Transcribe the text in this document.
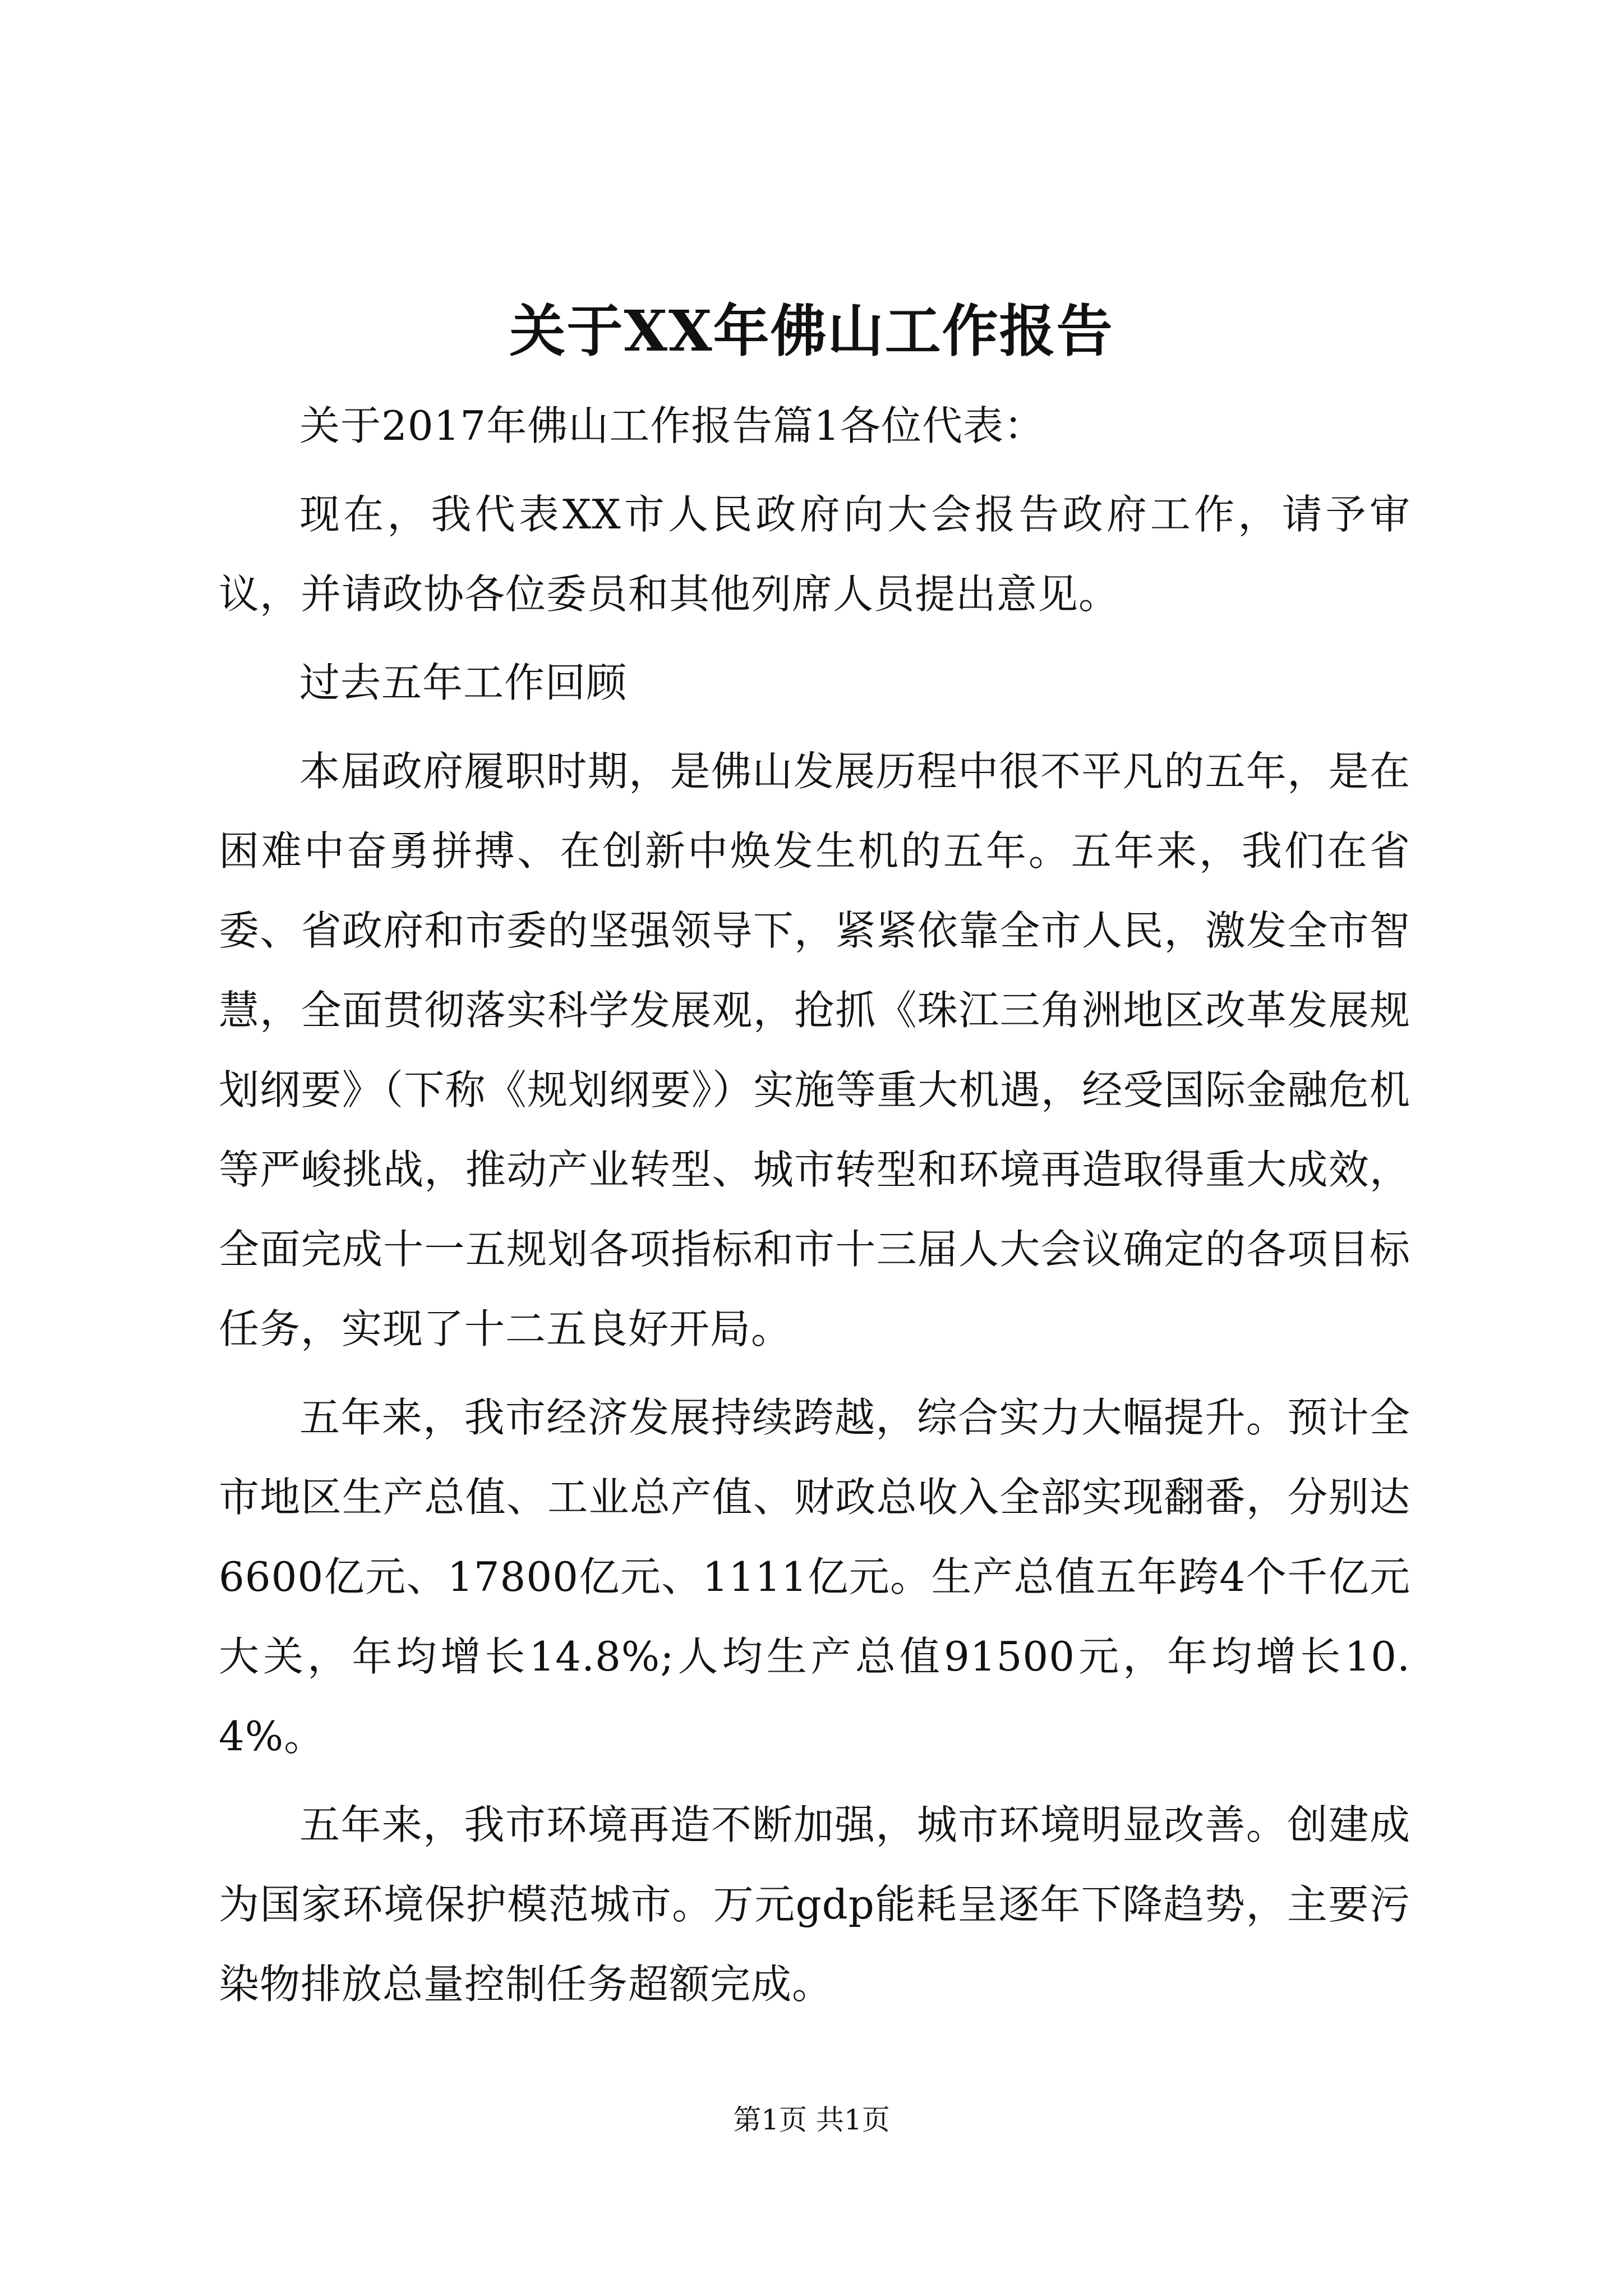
关于XX年佛山工作报告

关于2017年佛山工作报告篇1各位代表：

现在，我代表XX市人民政府向大会报告政府工作，请予审议，并请政协各位委员和其他列席人员提出意见。

过去五年工作回顾

本届政府履职时期，是佛山发展历程中很不平凡的五年，是在困难中奋勇拼搏、在创新中焕发生机的五年。五年来，我们在省委、省政府和市委的坚强领导下，紧紧依靠全市人民，激发全市智慧，全面贯彻落实科学发展观，抢抓《珠江三角洲地区改革发展规划纲要》（下称《规划纲要》）实施等重大机遇，经受国际金融危机等严峻挑战，推动产业转型、城市转型和环境再造取得重大成效，全面完成十一五规划各项指标和市十三届人大会议确定的各项目标任务，实现了十二五良好开局。

五年来，我市经济发展持续跨越，综合实力大幅提升。预计全市地区生产总值、工业总产值、财政总收入全部实现翻番，分别达6600亿元、17800亿元、1111亿元。生产总值五年跨4个千亿元大关，年均增长14.8%;人均生产总值91500元，年均增长10.4%。

五年来，我市环境再造不断加强，城市环境明显改善。创建成为国家环境保护模范城市。万元gdp能耗呈逐年下降趋势，主要污染物排放总量控制任务超额完成。

第1页 共1页
